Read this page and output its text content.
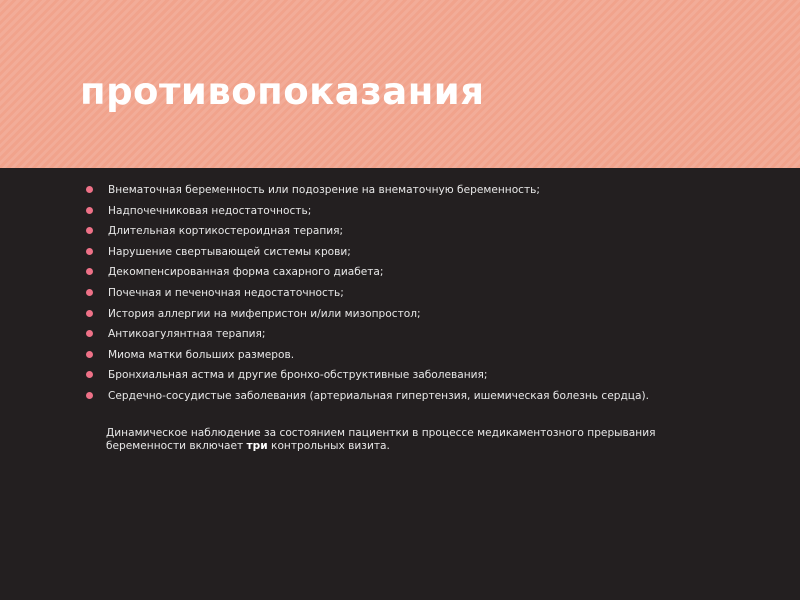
противопоказания
Внематочная беременность или подозрение на внематочную беременность;
Надпочечниковая недостаточность;
Длительная кортикостероидная терапия;
Нарушение свертывающей системы крови;
Декомпенсированная форма сахарного диабета;
Почечная и печеночная недостаточность;
История аллергии на мифепристон и/или мизопростол;
Антикоагулянтная терапия;
Миома матки больших размеров.
Бронхиальная астма и другие бронхо-обструктивные заболевания;
Сердечно-сосудистые заболевания (артериальная гипертензия, ишемическая болезнь сердца).

Динамическое наблюдение за состоянием пациентки в процессе медикаментозного прерывания беременности включает три контрольных визита.
